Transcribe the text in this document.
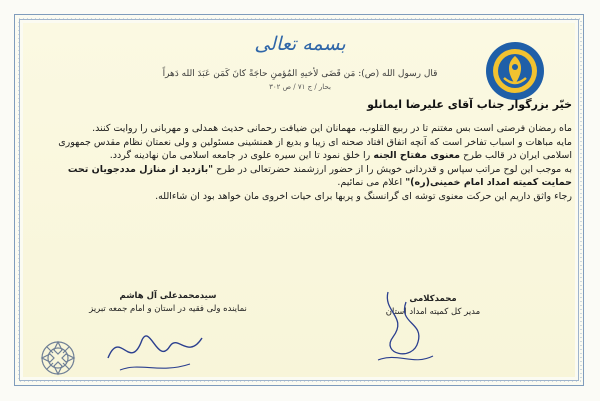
بسمه تعالی
قال رسول الله (ص): مَن قَضَى لأخيهِ المُؤمنِ حاجَةً كانَ كَمَن عَبَدَ الله دَهراً
بحار / ج ۷۱ / ص ۳۰۲
خیّر بزرگوار جناب آقای علیرضا ایمانلو

ماه رمضان فرصتی است بس مغتنم تا در ربیع القلوب، مهمانان این ضیافت رحمانی حدیث همدلی و مهربانی را روایت کنند.

مایه مباهات و اسباب تفاخر است که آنچه اتفاق افتاد صحنه ای زیبا و بدیع از همنشینی مسئولین و ولی نعمتان نظام مقدس جمهوری اسلامی ایران در قالب طرح معنوی مفتاح الجنه را خلق نمود تا این سیره علوی در جامعه اسلامی مان نهادینه گردد.

به موجب این لوح مراتب سپاس و قدردانی خویش را از حضور ارزشمند حضرتعالی در طرح "بازدید از منازل مددجویان تحت حمایت کمیته امداد امام خمینی(ره)" اعلام می نمائیم.

رجاء واثق داریم این حرکت معنوی توشه ای گرانسنگ و پربها برای حیات اخروی مان خواهد بود ان شاءالله.

سیدمحمدعلی آل هاشم
نماینده ولی فقیه در استان و امام جمعه تبریز
محمدکلامی
مدیر کل کمیته امداد استان
